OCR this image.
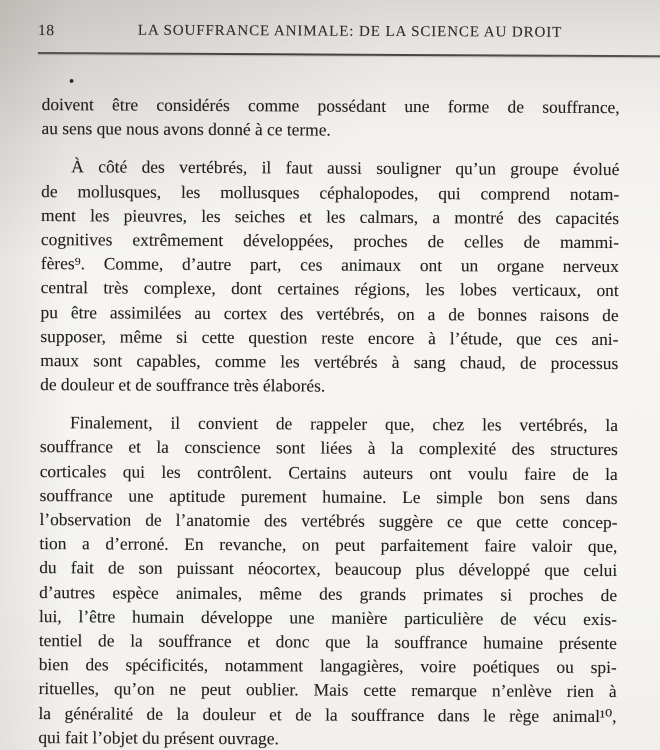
18	LA SOUFFRANCE ANIMALE: DE LA SCIENCE AU DROIT
•
doivent être considérés comme possédant une forme de souffrance,
au sens que nous avons donné à ce terme.
À côté des vertébrés, il faut aussi souligner qu’un groupe évolué
de mollusques, les mollusques céphalopodes, qui comprend notam-
ment les pieuvres, les seiches et les calmars, a montré des capacités
cognitives extrêmement développées, proches de celles de mammi-
fères⁹. Comme, d’autre part, ces animaux ont un organe nerveux
central très complexe, dont certaines régions, les lobes verticaux, ont
pu être assimilées au cortex des vertébrés, on a de bonnes raisons de
supposer, même si cette question reste encore à l’étude, que ces ani-
maux sont capables, comme les vertébrés à sang chaud, de processus
de douleur et de souffrance très élaborés.
Finalement, il convient de rappeler que, chez les vertébrés, la
souffrance et la conscience sont liées à la complexité des structures
corticales qui les contrôlent. Certains auteurs ont voulu faire de la
souffrance une aptitude purement humaine. Le simple bon sens dans
l’observation de l’anatomie des vertébrés suggère ce que cette concep-
tion a d’erroné. En revanche, on peut parfaitement faire valoir que,
du fait de son puissant néocortex, beaucoup plus développé que celui
d’autres espèce animales, même des grands primates si proches de
lui, l’être humain développe une manière particulière de vécu exis-
tentiel de la souffrance et donc que la souffrance humaine présente
bien des spécificités, notamment langagières, voire poétiques ou spi-
rituelles, qu’on ne peut oublier. Mais cette remarque n’enlève rien à
la généralité de la douleur et de la souffrance dans le rège animal¹⁰,
qui fait l’objet du présent ouvrage.
